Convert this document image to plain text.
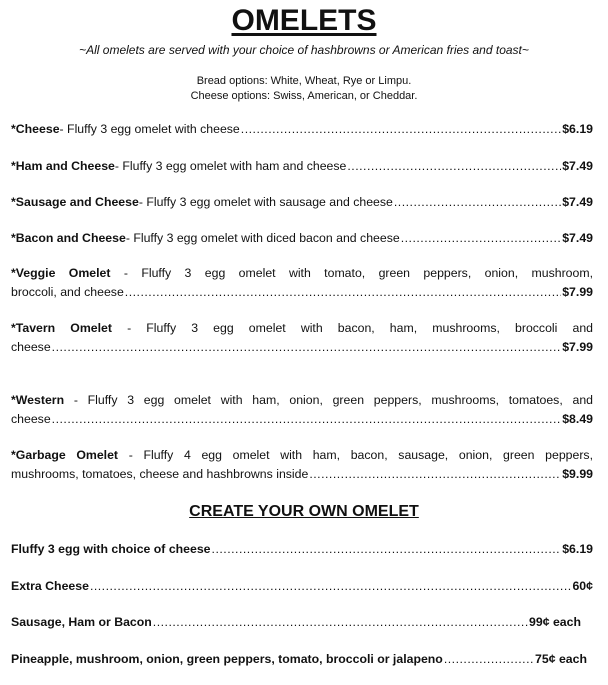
OMELETS
~All omelets are served with your choice of hashbrowns or American fries and toast~
Bread options: White, Wheat, Rye or Limpu.
Cheese options: Swiss, American, or Cheddar.
*Cheese - Fluffy 3 egg omelet with cheese .....	$6.19
*Ham and Cheese - Fluffy 3 egg omelet with ham and cheese .....	$7.49
*Sausage and Cheese - Fluffy 3 egg omelet with sausage and cheese .....	$7.49
*Bacon and Cheese - Fluffy 3 egg omelet with diced bacon and cheese .....	$7.49
*Veggie Omelet - Fluffy 3 egg omelet with tomato, green peppers, onion, mushroom,
broccoli, and cheese .....	$7.99
*Tavern Omelet - Fluffy 3 egg omelet with bacon, ham, mushrooms, broccoli and
cheese .....	$7.99
*Western - Fluffy 3 egg omelet with ham, onion, green peppers, mushrooms, tomatoes, and
cheese .....	$8.49
*Garbage Omelet - Fluffy 4 egg omelet with ham, bacon, sausage, onion, green peppers,
mushrooms, tomatoes, cheese and hashbrowns inside .....	$9.99
CREATE YOUR OWN OMELET
Fluffy 3 egg with choice of cheese .....	$6.19
Extra Cheese .....	60¢
Sausage, Ham or Bacon .....	99¢ each
Pineapple, mushroom, onion, green peppers, tomato, broccoli or jalapeno .....	75¢ each
